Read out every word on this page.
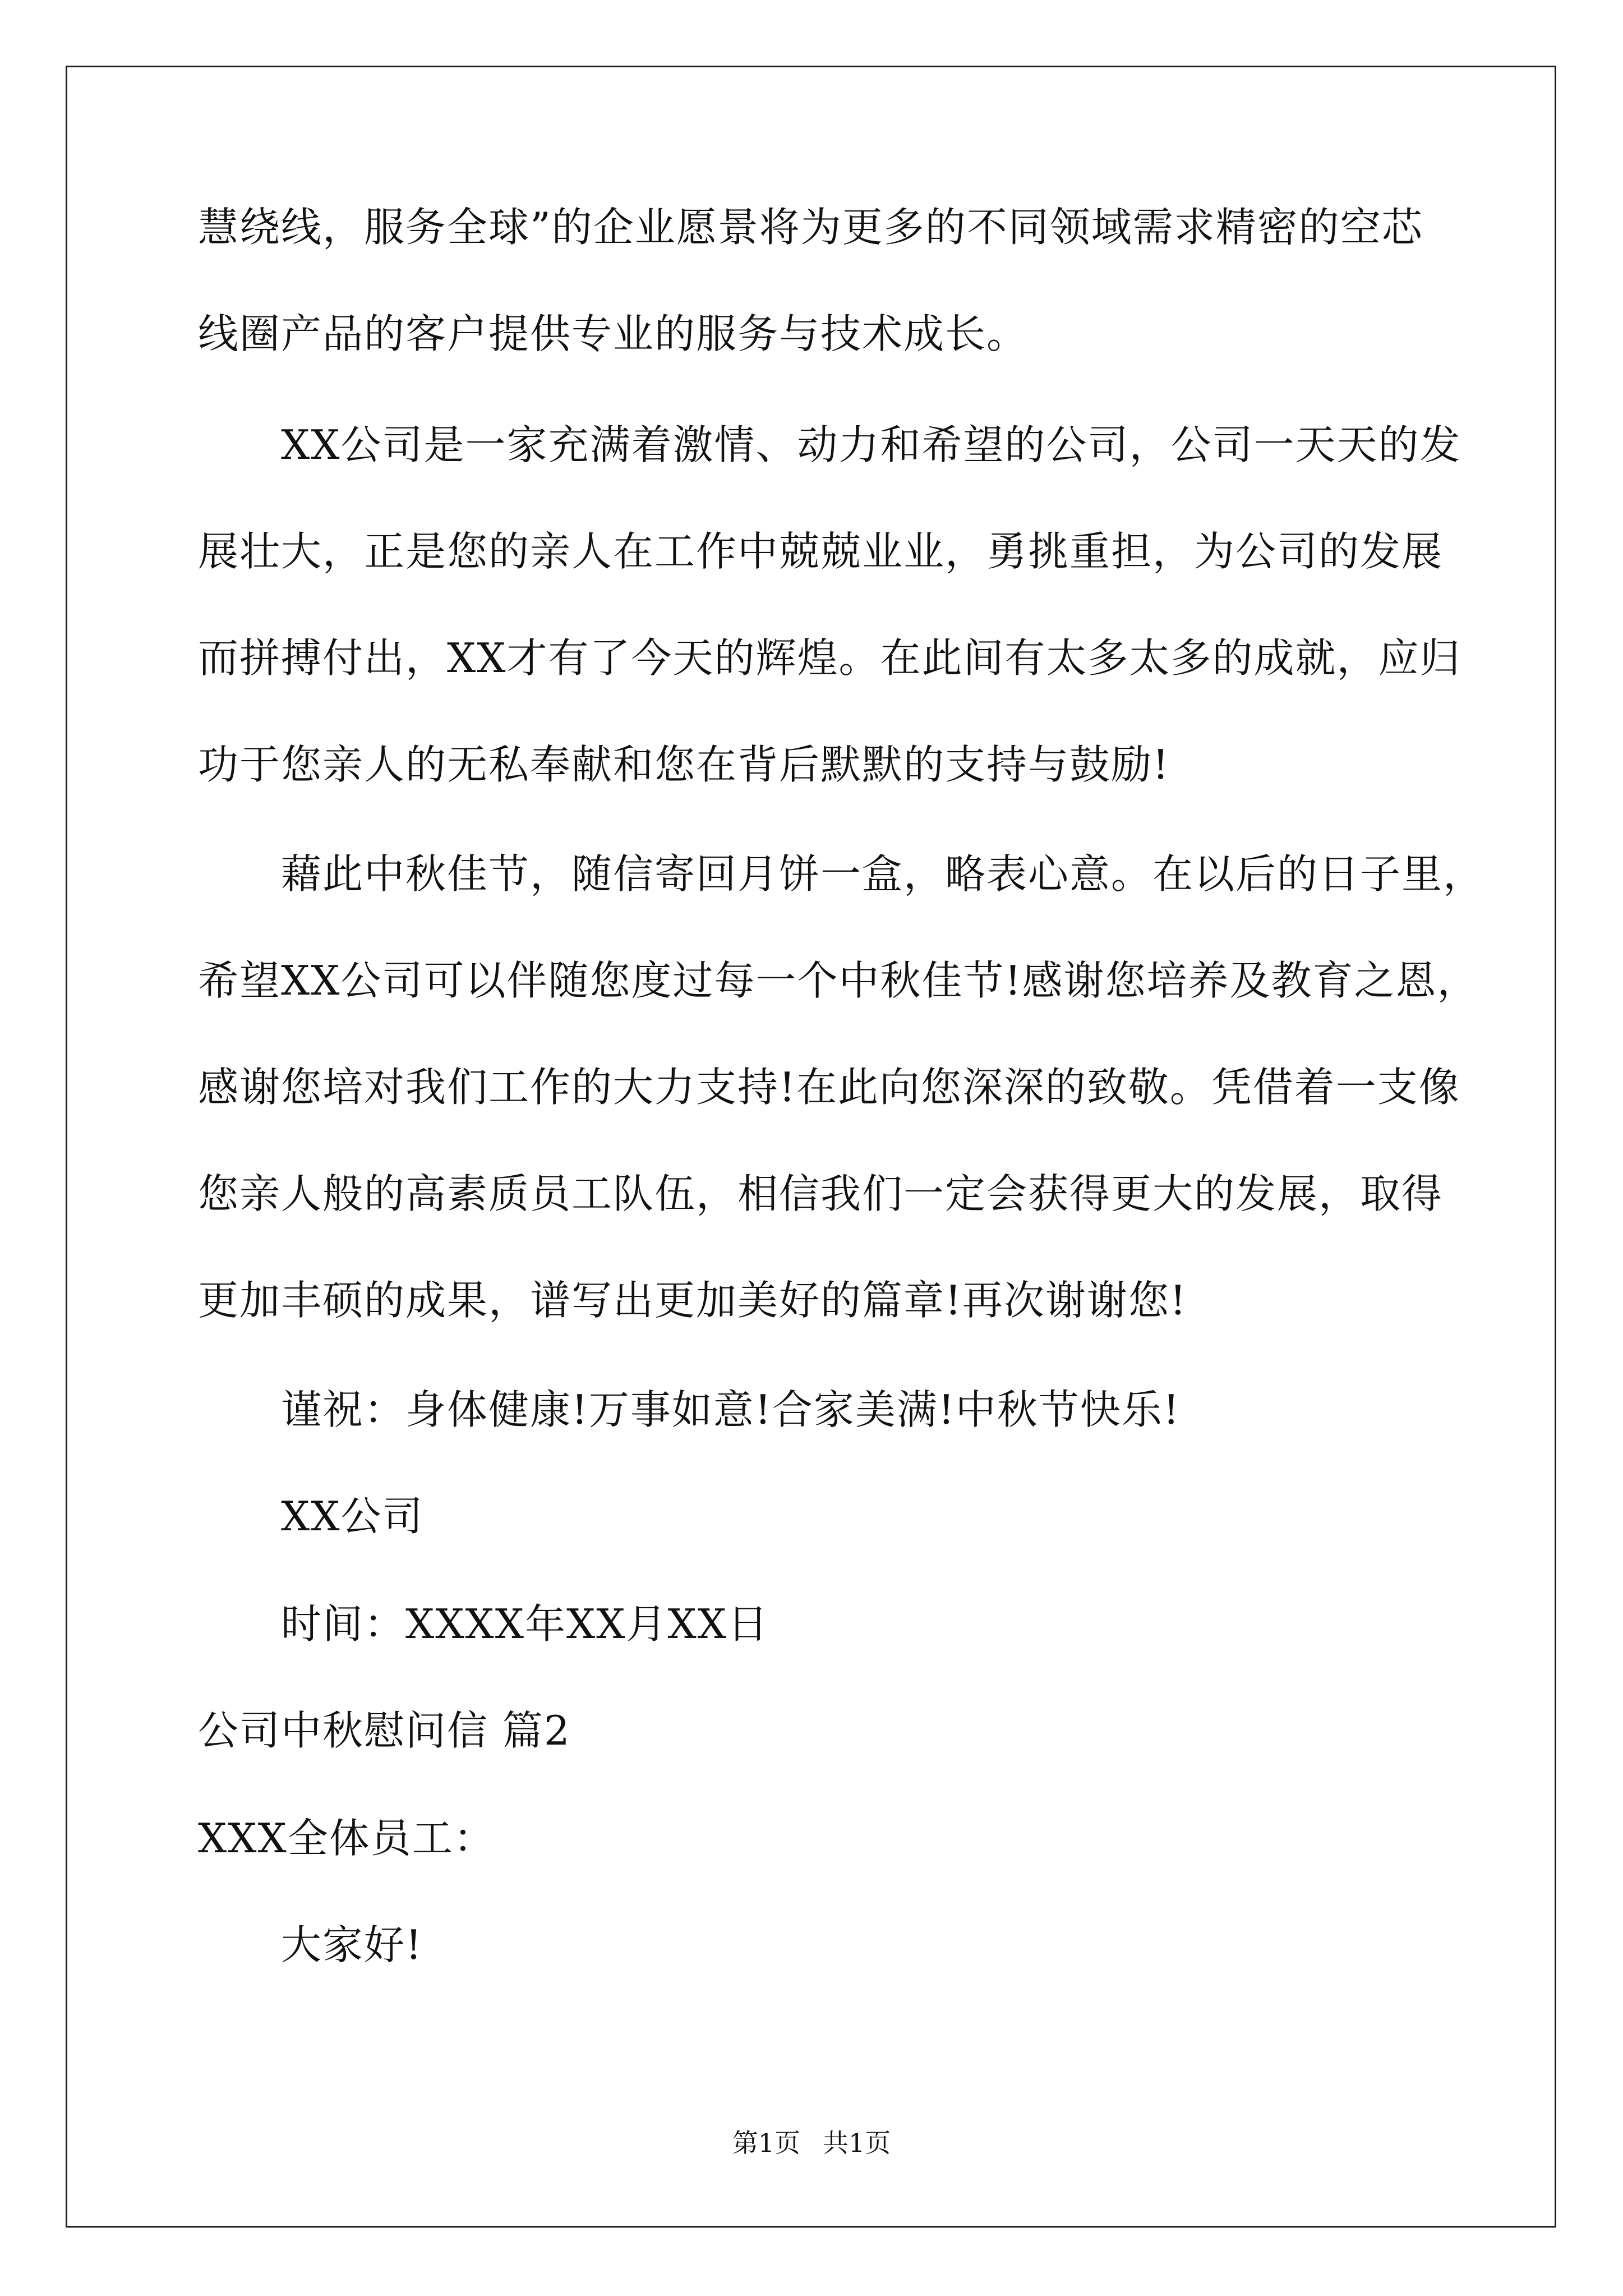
慧绕线，服务全球”的企业愿景将为更多的不同领域需求精密的空芯
线圈产品的客户提供专业的服务与技术成长。
XX公司是一家充满着激情、动力和希望的公司，公司一天天的发
展壮大，正是您的亲人在工作中兢兢业业，勇挑重担，为公司的发展
而拼搏付出，XX才有了今天的辉煌。在此间有太多太多的成就，应归
功于您亲人的无私奉献和您在背后默默的支持与鼓励!
藉此中秋佳节，随信寄回月饼一盒，略表心意。在以后的日子里，
希望XX公司可以伴随您度过每一个中秋佳节!感谢您培养及教育之恩，
感谢您培对我们工作的大力支持!在此向您深深的致敬。凭借着一支像
您亲人般的高素质员工队伍，相信我们一定会获得更大的发展，取得
更加丰硕的成果，谱写出更加美好的篇章!再次谢谢您!
谨祝：身体健康!万事如意!合家美满!中秋节快乐!
XX公司
时间：XXXX年XX月XX日
公司中秋慰问信 篇2
XXX全体员工：
大家好!
第1页 共1页
